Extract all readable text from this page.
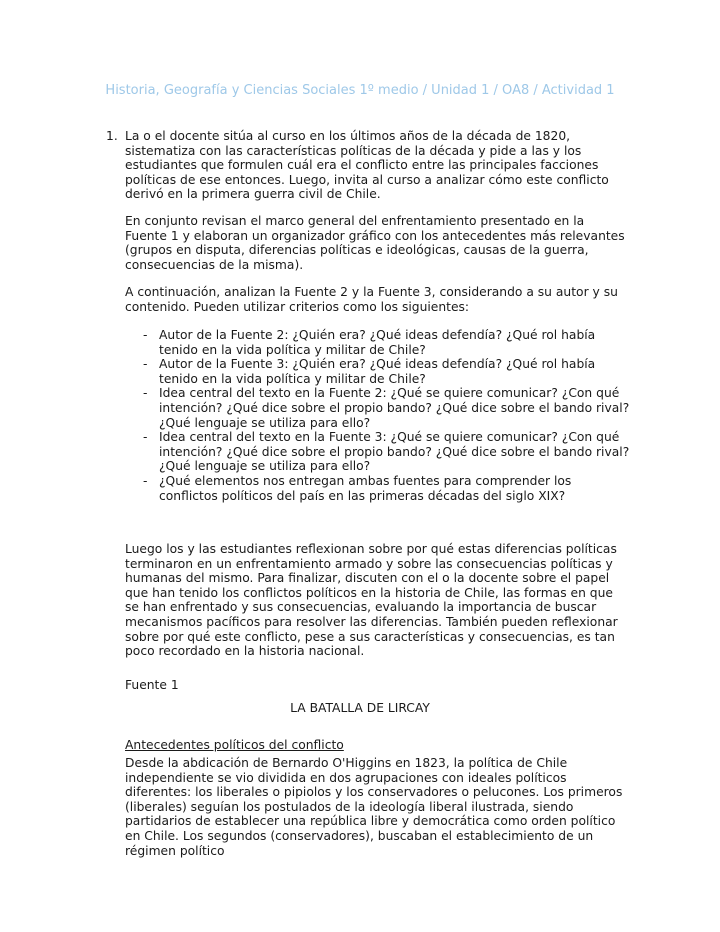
Historia, Geografía y Ciencias Sociales 1º medio / Unidad 1 / OA8 / Actividad 1
1. La o el docente sitúa al curso en los últimos años de la década de 1820, sistematiza con las características políticas de la década y pide a las y los estudiantes que formulen cuál era el conflicto entre las principales facciones políticas de ese entonces. Luego, invita al curso a analizar cómo este conflicto derivó en la primera guerra civil de Chile.

En conjunto revisan el marco general del enfrentamiento presentado en la Fuente 1 y elaboran un organizador gráfico con los antecedentes más relevantes (grupos en disputa, diferencias políticas e ideológicas, causas de la guerra, consecuencias de la misma).

A continuación, analizan la Fuente 2 y la Fuente 3, considerando a su autor y su contenido. Pueden utilizar criterios como los siguientes:

- Autor de la Fuente 2: ¿Quién era? ¿Qué ideas defendía? ¿Qué rol había tenido en la vida política y militar de Chile?
- Autor de la Fuente 3: ¿Quién era? ¿Qué ideas defendía? ¿Qué rol había tenido en la vida política y militar de Chile?
- Idea central del texto en la Fuente 2: ¿Qué se quiere comunicar? ¿Con qué intención? ¿Qué dice sobre el propio bando? ¿Qué dice sobre el bando rival? ¿Qué lenguaje se utiliza para ello?
- Idea central del texto en la Fuente 3: ¿Qué se quiere comunicar? ¿Con qué intención? ¿Qué dice sobre el propio bando? ¿Qué dice sobre el bando rival? ¿Qué lenguaje se utiliza para ello?
- ¿Qué elementos nos entregan ambas fuentes para comprender los conflictos políticos del país en las primeras décadas del siglo XIX?

Luego los y las estudiantes reflexionan sobre por qué estas diferencias políticas terminaron en un enfrentamiento armado y sobre las consecuencias políticas y humanas del mismo. Para finalizar, discuten con el o la docente sobre el papel que han tenido los conflictos políticos en la historia de Chile, las formas en que se han enfrentado y sus consecuencias, evaluando la importancia de buscar mecanismos pacíficos para resolver las diferencias. También pueden reflexionar sobre por qué este conflicto, pese a sus características y consecuencias, es tan poco recordado en la historia nacional.

Fuente 1

LA BATALLA DE LIRCAY

Antecedentes políticos del conflicto

Desde la abdicación de Bernardo O'Higgins en 1823, la política de Chile independiente se vio dividida en dos agrupaciones con ideales políticos diferentes: los liberales o pipiolos y los conservadores o pelucones. Los primeros (liberales) seguían los postulados de la ideología liberal ilustrada, siendo partidarios de establecer una república libre y democrática como orden político en Chile. Los segundos (conservadores), buscaban el establecimiento de un régimen político
